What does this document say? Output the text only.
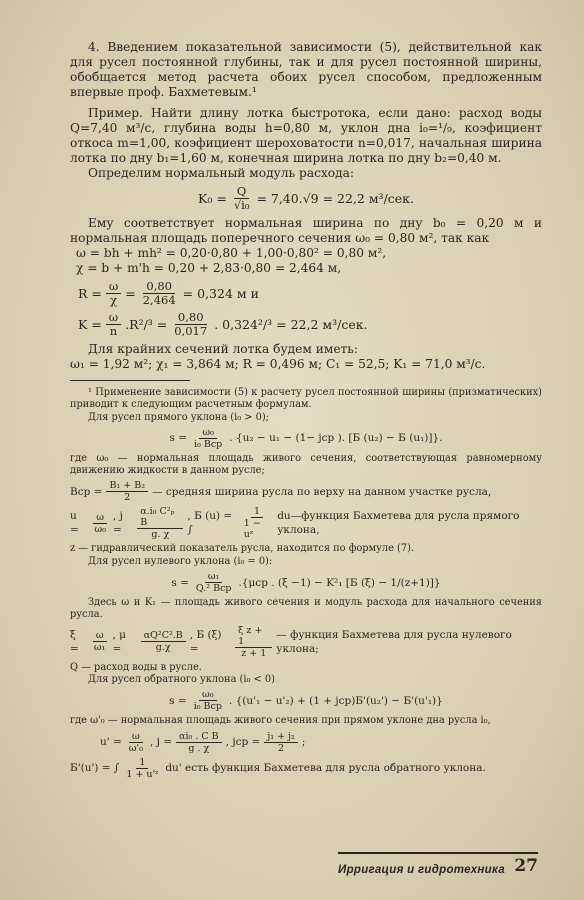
4. Введением показательной зависимости (5), действительной как для русел постоянной глубины, так и для русел постоянной ширины, обобщается метод расчета обоих русел способом, предложенным впервые проф. Бахметевым.¹

Пример. Найти длину лотка быстротока, если дано: расход воды Q=7,40 м³/с, глубина воды h=0,80 м, уклон дна i₀=¹/₉, коэфициент откоса m=1,00, коэфициент шероховатости n=0,017, начальная ширина лотка по дну b₁=1,60 м, конечная ширина лотка по дну b₂=0,40 м.

Определим нормальный модуль расхода:

$K_0 = \frac{Q}{\text{√i₀}} = 7,40.√9 = 22,2$ м³/сек.

Ему соответствует нормальная ширина по дну b₀ = 0,20 м и нормальная площадь поперечного сечения ω₀ = 0,80 м², так как

ω = bh + mh² = 0,20·0,80 + 1,00·0,80² = 0,80 м²,

χ = b + m'h = 0,20 + 2,83·0,80 = 2,464 м,

$R = \frac{\omega}{\chi} = \frac{0,80}{2,464} = 0,324$ м и
$K = \frac{\omega}{n} .R^2/^3 = \frac{0,80}{0,017}$ . 0,324²/³ = 22,2 м³/сек.

Для крайних сечений лотка будем иметь:

ω₁ = 1,92 м²; χ₁ = 3,864 м; R = 0,496 м; C₁ = 52,5; K₁ = 71,0 м³/с.

¹ Применение зависимости (5) к расчету русел постоянной ширины (призматических) приводит к следующим расчетным формулам.

Для русел прямого уклона (i₀ > 0);

$s = \frac{\text{ω₀}}{\text{i₀ Bcp}}$ . {u₂ − u₁ − (1− jcp ). [Б (u₂) − Б (u₁)]}.

где ω₀ — нормальная площадь живого сечения, соответствующая равномерному движению жидкости в данном русле;

Bcp = $\frac{\text{B₁ + B₂}}{2}$ — средняя ширина русла по верху на данном участке русла,
u =	$\frac{\omega}{\text{ω₀}}$ , j =	$\frac{\text{α.i₀ C²ₚ B}}{g. \chi}$ , Б (u) = ∫	$\frac{1}{\text{1 − uᶻ}}$ du—функция Бахметева для русла прямого уклона,

z — гидравлический показатель русла, находится по формуле (7).

Для русел нулевого уклона (i₀ = 0):

$s = \frac{\text{ω₁}}{\text{Q.² Bcp}} .\{\mu cp$ . (ξ −1) − K²₁ [Б (ξ) − 1/(z+1)]}

Здесь ω и K₁ — площадь живого сечения и модуль расхода для начального сечения русла.

ξ =	$\frac{\omega}{\text{ω₁}}$ , μ =	$\frac{\text{αQ²C².B}}{g.\chi}$ , Б (ξ) =	$\frac{\text{ξ z + 1}}{z + 1}$ — функция Бахметева для русла нулевого уклона;

Q — расход воды в русле.

Для русел обратного уклона (i₀ < 0)

$s = \frac{\text{ω₀}}{\text{i₀ Bcp}}$ . {(u'₁ − u'₂) + (1 + jcp)Б'(u₂') − Б'(u'₁)}

где ω'₀ — нормальная площадь живого сечения при прямом уклоне дна русла i₀,

$u' = \frac{\omega}{\text{ω'₀}}$ , $j = \frac{\text{αi₀ . C B}}{g . \chi}$ , jcp = $\frac{\text{j₁ + j₂}}{2}$ ;
Б'(u') = ∫ $\frac{1}{\text{1 + u'ᶻ}} du'$ есть функция Бахметева для русла обратного уклона.
Ирригация и гидротехника 27
